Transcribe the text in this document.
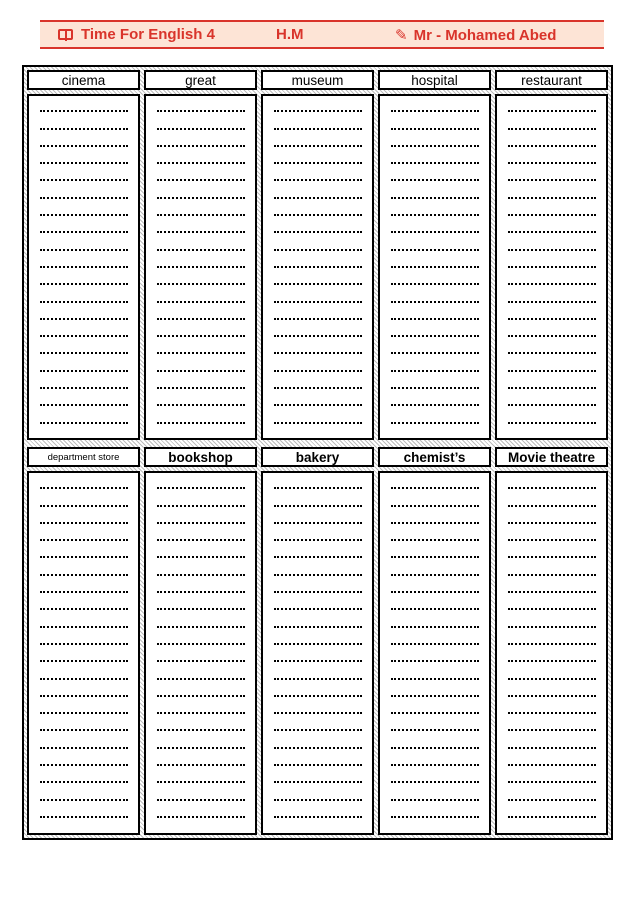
Time For English 4	H.M	✎ Mr - Mohamed Abed
cinema	great	museum	hospital	restaurant
department store	bookshop	bakery	chemist’s	Movie theatre
